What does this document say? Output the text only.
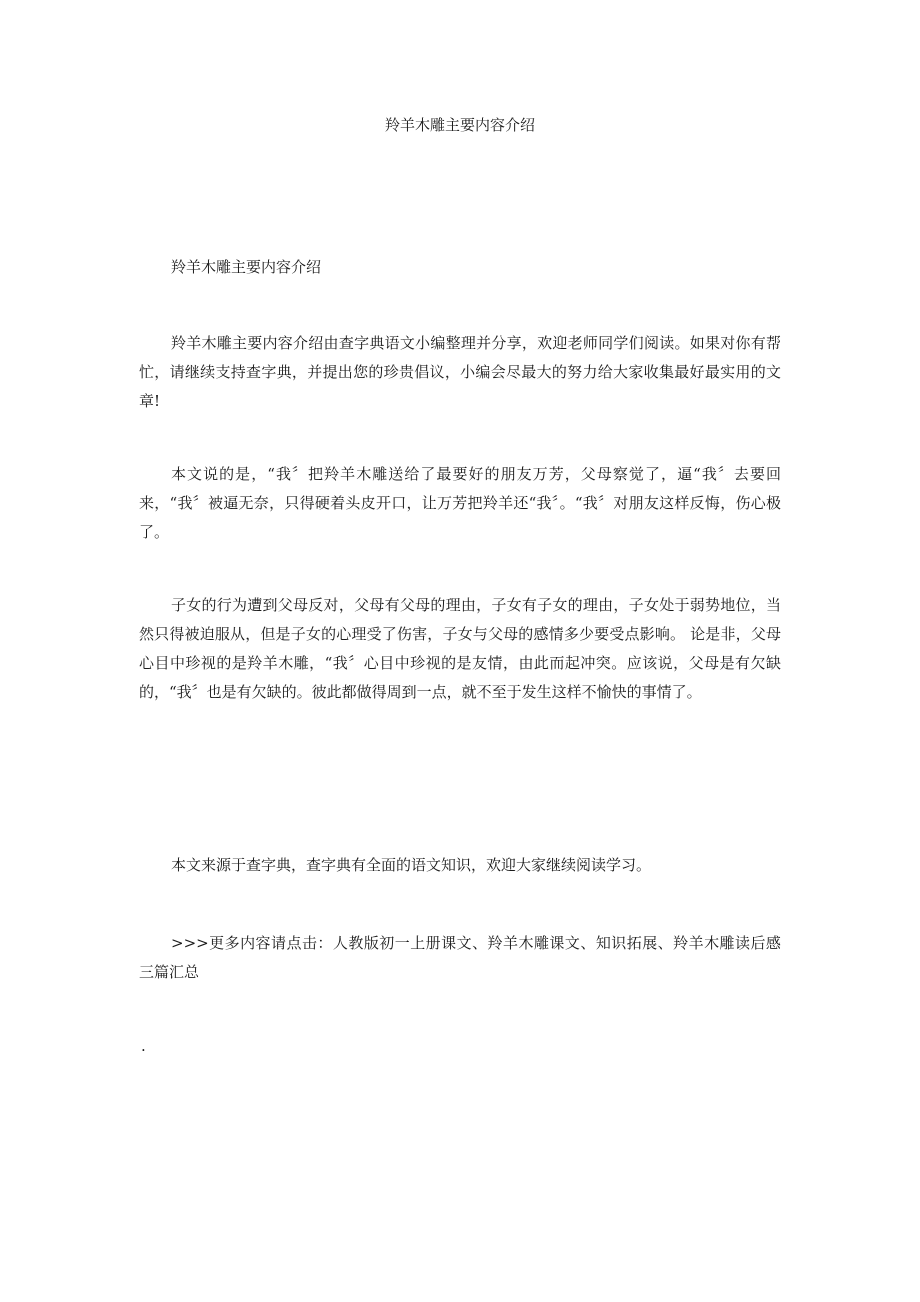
羚羊木雕主要内容介绍

羚羊木雕主要内容介绍

羚羊木雕主要内容介绍由查字典语文小编整理并分享，欢迎老师同学们阅读。如果对你有帮忙，请继续支持查字典，并提出您的珍贵倡议，小编会尽最大的努力给大家收集最好最实用的文章!

本文说的是，“我〞把羚羊木雕送给了最要好的朋友万芳，父母察觉了，逼“我〞去要回来，“我〞被逼无奈，只得硬着头皮开口，让万芳把羚羊还“我〞。“我〞对朋友这样反悔，伤心极了。

子女的行为遭到父母反对，父母有父母的理由，子女有子女的理由，子女处于弱势地位，当然只得被迫服从，但是子女的心理受了伤害，子女与父母的感情多少要受点影响。 论是非，父母心目中珍视的是羚羊木雕，“我〞心目中珍视的是友情，由此而起冲突。应该说，父母是有欠缺的，“我〞也是有欠缺的。彼此都做得周到一点，就不至于发生这样不愉快的事情了。

本文来源于查字典，查字典有全面的语文知识，欢迎大家继续阅读学习。

>>>更多内容请点击：人教版初一上册课文、羚羊木雕课文、知识拓展、羚羊木雕读后感 三篇汇总

.
